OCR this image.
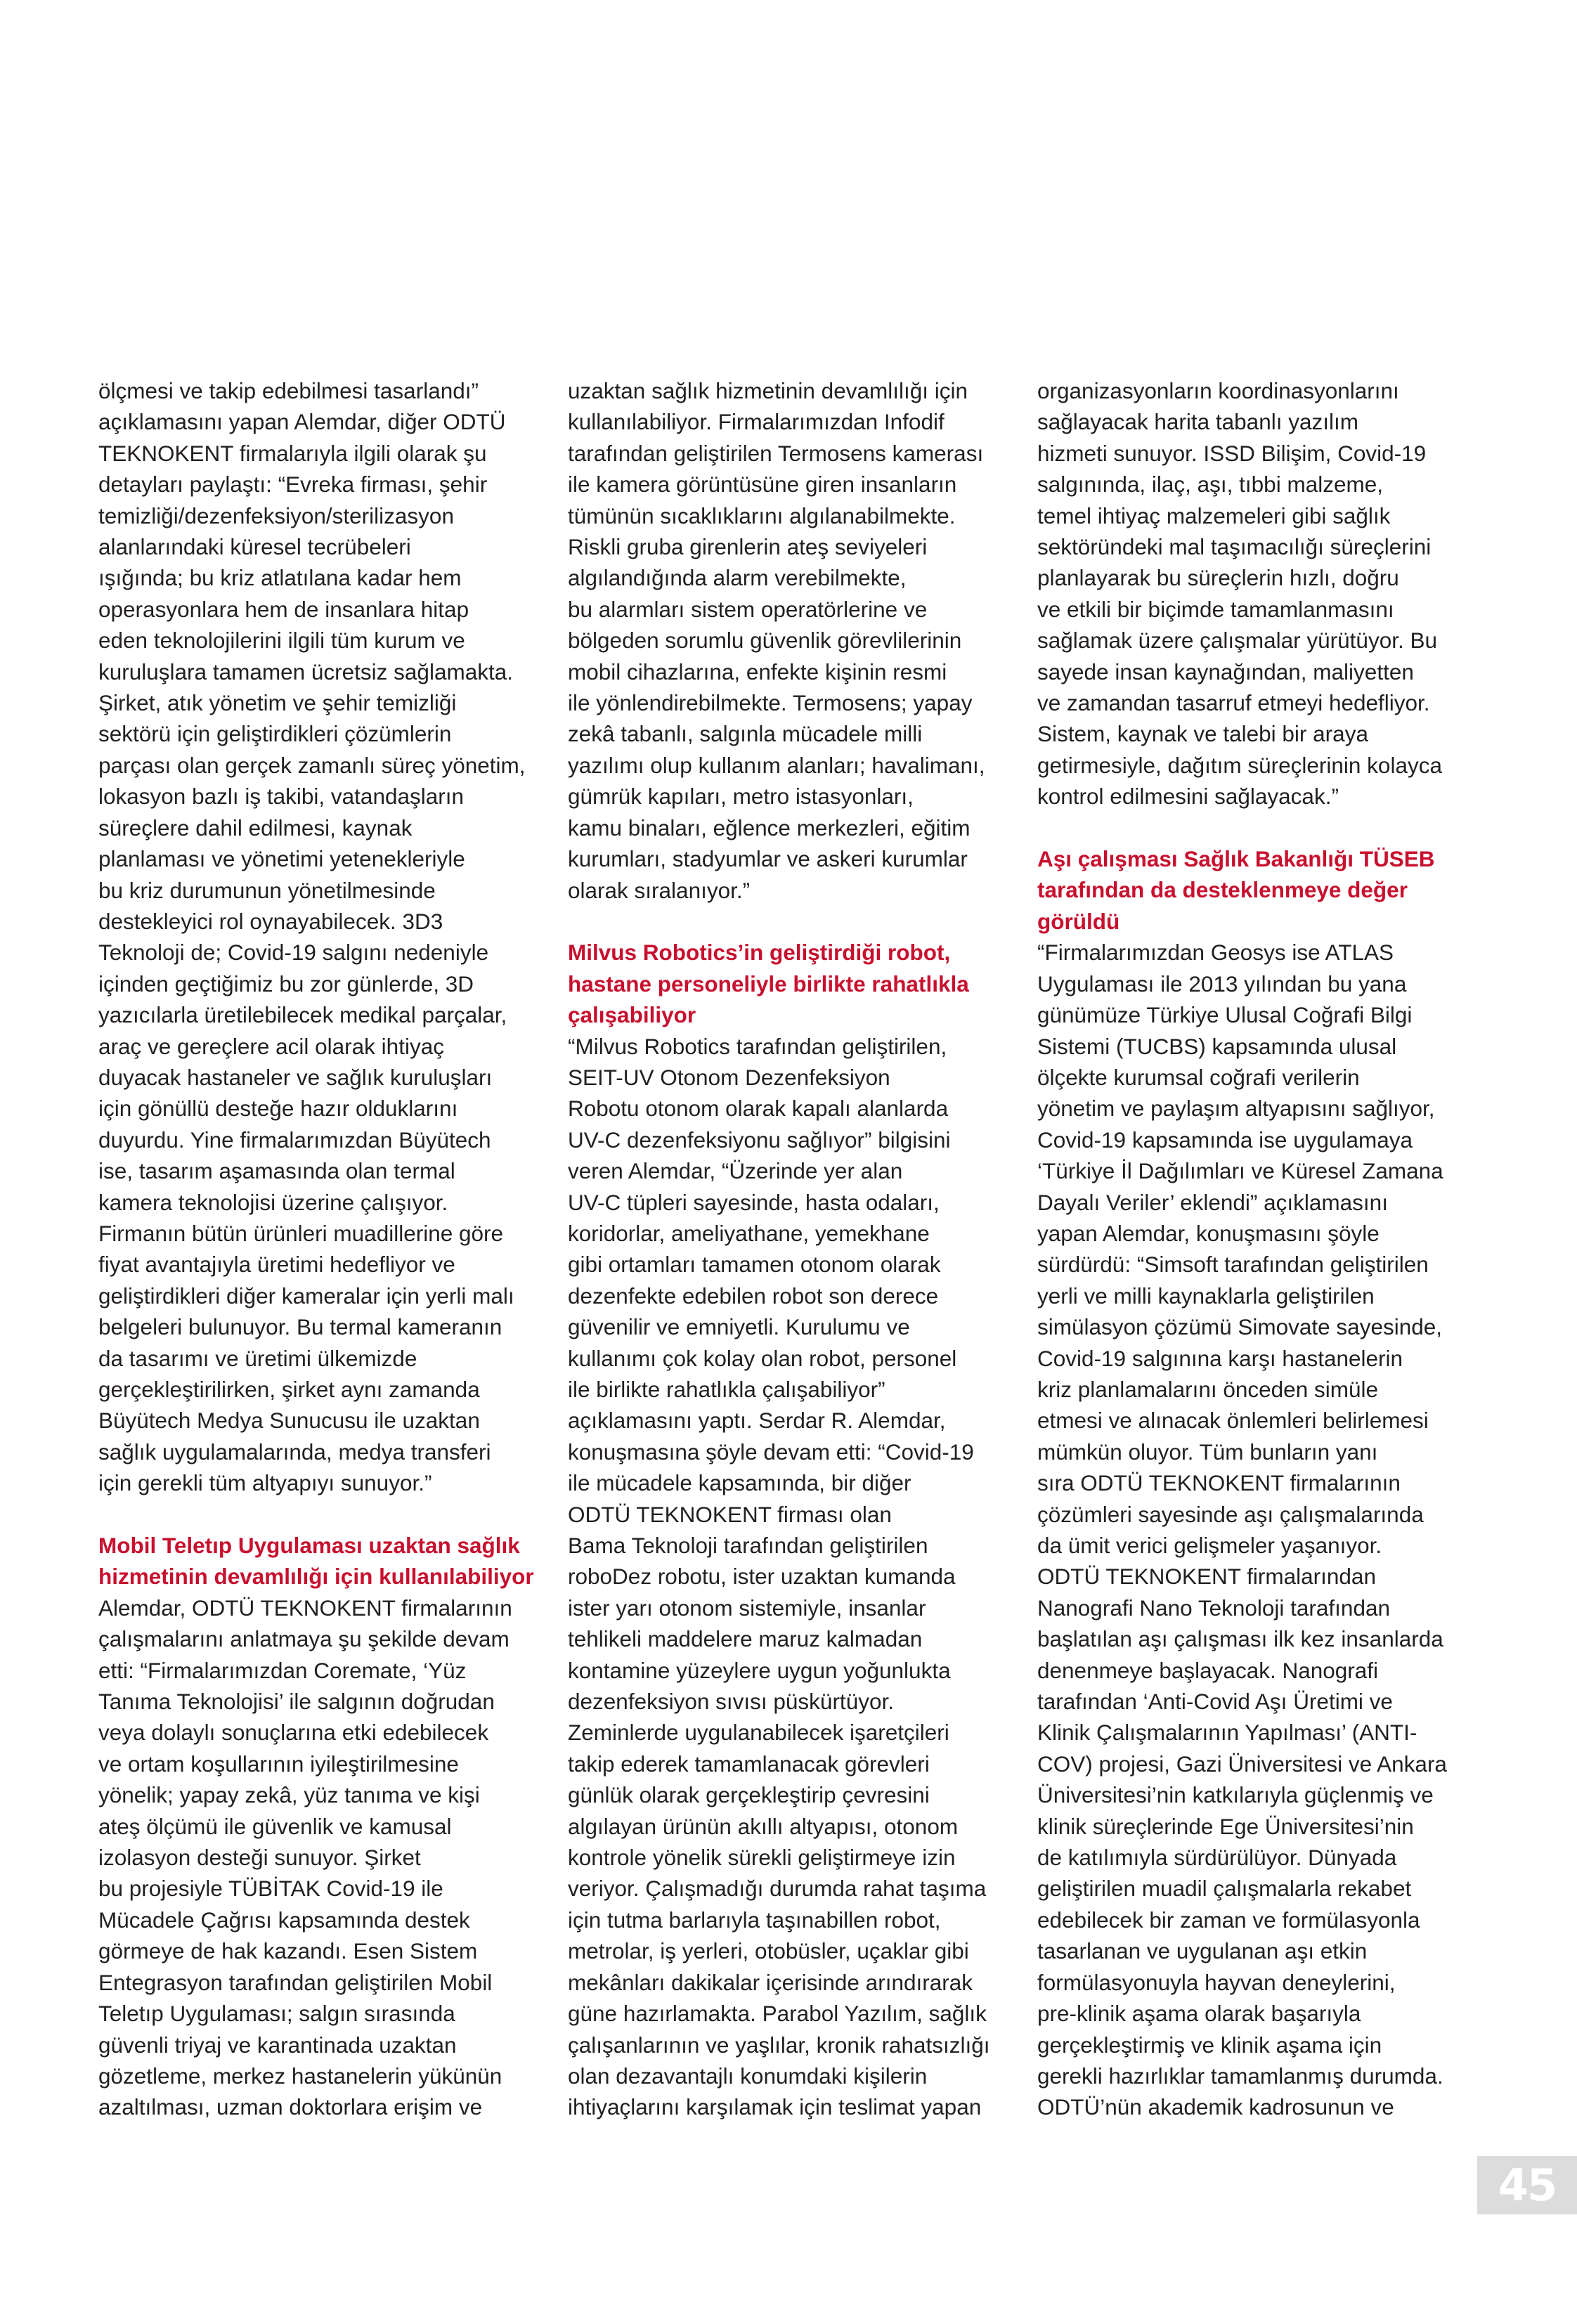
ölçmesi ve takip edebilmesi tasarlandı”
açıklamasını yapan Alemdar, diğer ODTÜ
TEKNOKENT firmalarıyla ilgili olarak şu
detayları paylaştı: “Evreka firması, şehir
temizliği/dezenfeksiyon/sterilizasyon
alanlarındaki küresel tecrübeleri
ışığında; bu kriz atlatılana kadar hem
operasyonlara hem de insanlara hitap
eden teknolojilerini ilgili tüm kurum ve
kuruluşlara tamamen ücretsiz sağlamakta.
Şirket, atık yönetim ve şehir temizliği
sektörü için geliştirdikleri çözümlerin
parçası olan gerçek zamanlı süreç yönetim,
lokasyon bazlı iş takibi, vatandaşların
süreçlere dahil edilmesi, kaynak
planlaması ve yönetimi yetenekleriyle
bu kriz durumunun yönetilmesinde
destekleyici rol oynayabilecek. 3D3
Teknoloji de; Covid-19 salgını nedeniyle
içinden geçtiğimiz bu zor günlerde, 3D
yazıcılarla üretilebilecek medikal parçalar,
araç ve gereçlere acil olarak ihtiyaç
duyacak hastaneler ve sağlık kuruluşları
için gönüllü desteğe hazır olduklarını
duyurdu. Yine firmalarımızdan Büyütech
ise, tasarım aşamasında olan termal
kamera teknolojisi üzerine çalışıyor.
Firmanın bütün ürünleri muadillerine göre
fiyat avantajıyla üretimi hedefliyor ve
geliştirdikleri diğer kameralar için yerli malı
belgeleri bulunuyor. Bu termal kameranın
da tasarımı ve üretimi ülkemizde
gerçekleştirilirken, şirket aynı zamanda
Büyütech Medya Sunucusu ile uzaktan
sağlık uygulamalarında, medya transferi
için gerekli tüm altyapıyı sunuyor.”

Mobil Teletıp Uygulaması uzaktan sağlık
hizmetinin devamlılığı için kullanılabiliyor

Alemdar, ODTÜ TEKNOKENT firmalarının
çalışmalarını anlatmaya şu şekilde devam
etti: “Firmalarımızdan Coremate, ‘Yüz
Tanıma Teknolojisi’ ile salgının doğrudan
veya dolaylı sonuçlarına etki edebilecek
ve ortam koşullarının iyileştirilmesine
yönelik; yapay zekâ, yüz tanıma ve kişi
ateş ölçümü ile güvenlik ve kamusal
izolasyon desteği sunuyor. Şirket
bu projesiyle TÜBİTAK Covid-19 ile
Mücadele Çağrısı kapsamında destek
görmeye de hak kazandı. Esen Sistem
Entegrasyon tarafından geliştirilen Mobil
Teletıp Uygulaması; salgın sırasında
güvenli triyaj ve karantinada uzaktan
gözetleme, merkez hastanelerin yükünün
azaltılması, uzman doktorlara erişim ve

uzaktan sağlık hizmetinin devamlılığı için
kullanılabiliyor. Firmalarımızdan Infodif
tarafından geliştirilen Termosens kamerası
ile kamera görüntüsüne giren insanların
tümünün sıcaklıklarını algılanabilmekte.
Riskli gruba girenlerin ateş seviyeleri
algılandığında alarm verebilmekte,
bu alarmları sistem operatörlerine ve
bölgeden sorumlu güvenlik görevlilerinin
mobil cihazlarına, enfekte kişinin resmi
ile yönlendirebilmekte. Termosens; yapay
zekâ tabanlı, salgınla mücadele milli
yazılımı olup kullanım alanları; havalimanı,
gümrük kapıları, metro istasyonları,
kamu binaları, eğlence merkezleri, eğitim
kurumları, stadyumlar ve askeri kurumlar
olarak sıralanıyor.”

Milvus Robotics’in geliştirdiği robot,
hastane personeliyle birlikte rahatlıkla
çalışabiliyor

“Milvus Robotics tarafından geliştirilen,
SEIT-UV Otonom Dezenfeksiyon
Robotu otonom olarak kapalı alanlarda
UV-C dezenfeksiyonu sağlıyor” bilgisini
veren Alemdar, “Üzerinde yer alan
UV-C tüpleri sayesinde, hasta odaları,
koridorlar, ameliyathane, yemekhane
gibi ortamları tamamen otonom olarak
dezenfekte edebilen robot son derece
güvenilir ve emniyetli. Kurulumu ve
kullanımı çok kolay olan robot, personel
ile birlikte rahatlıkla çalışabiliyor”
açıklamasını yaptı. Serdar R. Alemdar,
konuşmasına şöyle devam etti: “Covid-19
ile mücadele kapsamında, bir diğer
ODTÜ TEKNOKENT firması olan
Bama Teknoloji tarafından geliştirilen
roboDez robotu, ister uzaktan kumanda
ister yarı otonom sistemiyle, insanlar
tehlikeli maddelere maruz kalmadan
kontamine yüzeylere uygun yoğunlukta
dezenfeksiyon sıvısı püskürtüyor.
Zeminlerde uygulanabilecek işaretçileri
takip ederek tamamlanacak görevleri
günlük olarak gerçekleştirip çevresini
algılayan ürünün akıllı altyapısı, otonom
kontrole yönelik sürekli geliştirmeye izin
veriyor. Çalışmadığı durumda rahat taşıma
için tutma barlarıyla taşınabillen robot,
metrolar, iş yerleri, otobüsler, uçaklar gibi
mekânları dakikalar içerisinde arındırarak
güne hazırlamakta. Parabol Yazılım, sağlık
çalışanlarının ve yaşlılar, kronik rahatsızlığı
olan dezavantajlı konumdaki kişilerin
ihtiyaçlarını karşılamak için teslimat yapan

organizasyonların koordinasyonlarını
sağlayacak harita tabanlı yazılım
hizmeti sunuyor. ISSD Bilişim, Covid-19
salgınında, ilaç, aşı, tıbbi malzeme,
temel ihtiyaç malzemeleri gibi sağlık
sektöründeki mal taşımacılığı süreçlerini
planlayarak bu süreçlerin hızlı, doğru
ve etkili bir biçimde tamamlanmasını
sağlamak üzere çalışmalar yürütüyor. Bu
sayede insan kaynağından, maliyetten
ve zamandan tasarruf etmeyi hedefliyor.
Sistem, kaynak ve talebi bir araya
getirmesiyle, dağıtım süreçlerinin kolayca
kontrol edilmesini sağlayacak.”

Aşı çalışması Sağlık Bakanlığı TÜSEB
tarafından da desteklenmeye değer
görüldü

“Firmalarımızdan Geosys ise ATLAS
Uygulaması ile 2013 yılından bu yana
günümüze Türkiye Ulusal Coğrafi Bilgi
Sistemi (TUCBS) kapsamında ulusal
ölçekte kurumsal coğrafi verilerin
yönetim ve paylaşım altyapısını sağlıyor,
Covid-19 kapsamında ise uygulamaya
‘Türkiye İl Dağılımları ve Küresel Zamana
Dayalı Veriler’ eklendi” açıklamasını
yapan Alemdar, konuşmasını şöyle
sürdürdü: “Simsoft tarafından geliştirilen
yerli ve milli kaynaklarla geliştirilen
simülasyon çözümü Simovate sayesinde,
Covid-19 salgınına karşı hastanelerin
kriz planlamalarını önceden simüle
etmesi ve alınacak önlemleri belirlemesi
mümkün oluyor. Tüm bunların yanı
sıra ODTÜ TEKNOKENT firmalarının
çözümleri sayesinde aşı çalışmalarında
da ümit verici gelişmeler yaşanıyor.
ODTÜ TEKNOKENT firmalarından
Nanografi Nano Teknoloji tarafından
başlatılan aşı çalışması ilk kez insanlarda
denenmeye başlayacak. Nanografi
tarafından ‘Anti-Covid Aşı Üretimi ve
Klinik Çalışmalarının Yapılması’ (ANTI-
COV) projesi, Gazi Üniversitesi ve Ankara
Üniversitesi’nin katkılarıyla güçlenmiş ve
klinik süreçlerinde Ege Üniversitesi’nin
de katılımıyla sürdürülüyor. Dünyada
geliştirilen muadil çalışmalarla rekabet
edebilecek bir zaman ve formülasyonla
tasarlanan ve uygulanan aşı etkin
formülasyonuyla hayvan deneylerini,
pre-klinik aşama olarak başarıyla
gerçekleştirmiş ve klinik aşama için
gerekli hazırlıklar tamamlanmış durumda.
ODTÜ’nün akademik kadrosunun ve

45
